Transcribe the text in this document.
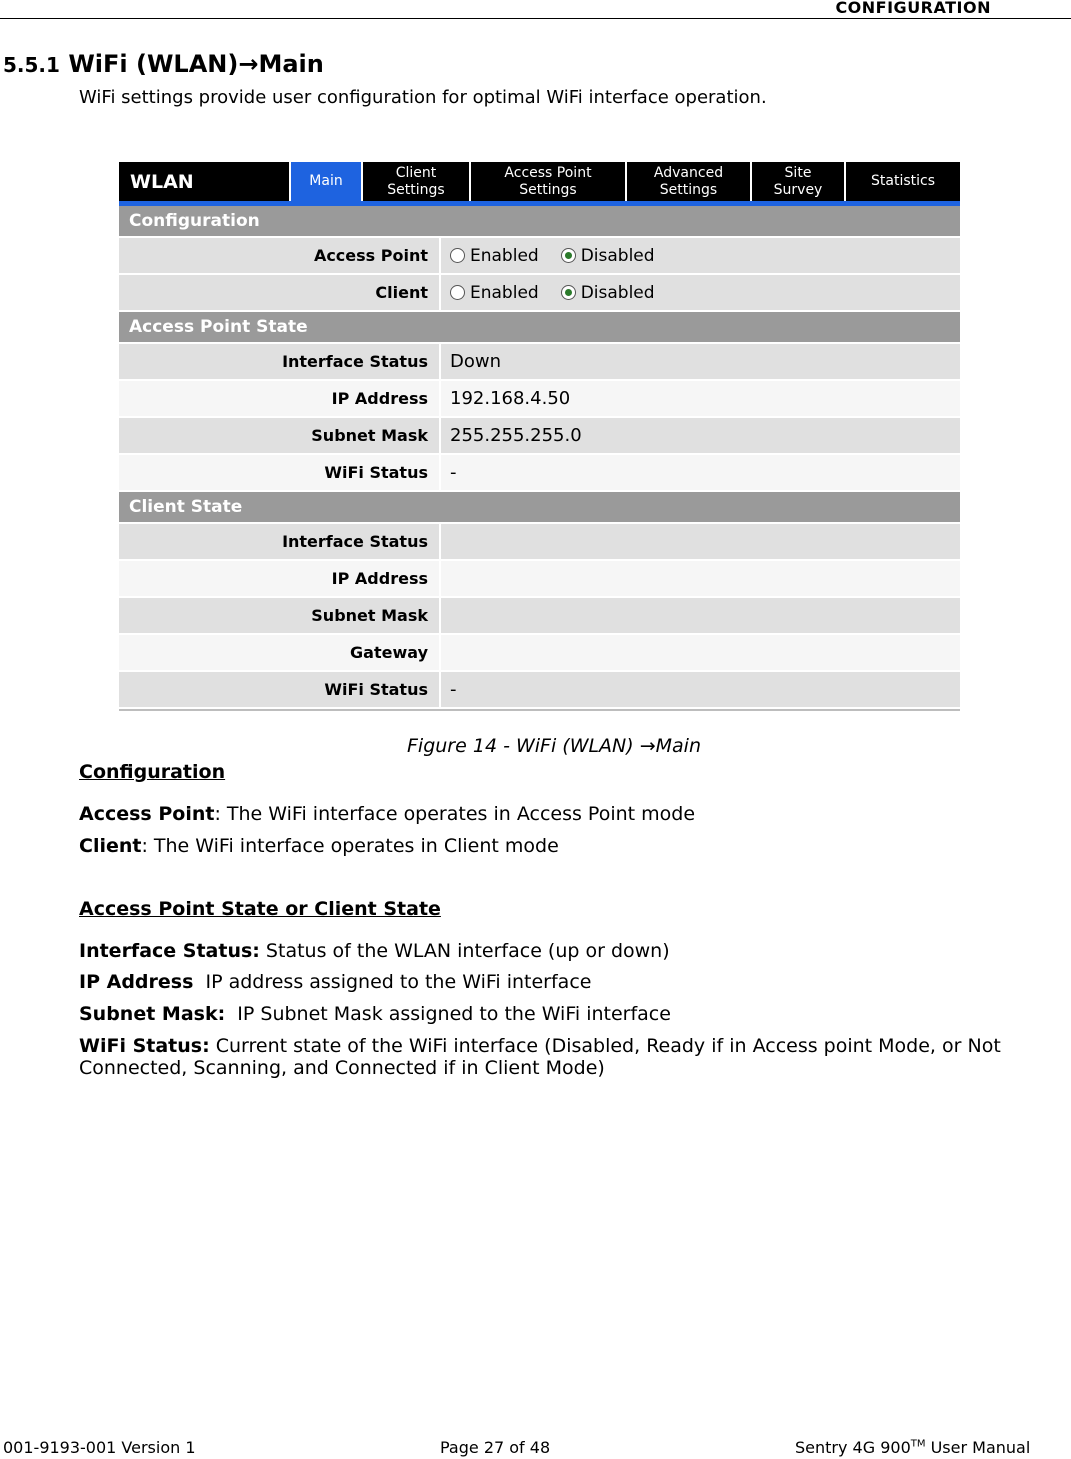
CONFIGURATION
5.5.1 WiFi (WLAN)→Main
WiFi settings provide user configuration for optimal WiFi interface operation.
WLAN	Main
Client
Settings
Access Point
Settings
Advanced
Settings
Site
Survey
Statistics
Configuration
Access Point	Enabled Disabled
Client	Enabled Disabled
Access Point State
Interface Status	Down
IP Address	192.168.4.50
Subnet Mask	255.255.255.0
WiFi Status	-
Client State
Interface Status
IP Address
Subnet Mask
Gateway
WiFi Status	-
Figure 14 - WiFi (WLAN) →Main
Configuration
Access Point: The WiFi interface operates in Access Point mode
Client: The WiFi interface operates in Client mode
Access Point State or Client State
Interface Status: Status of the WLAN interface (up or down)
IP Address  IP address assigned to the WiFi interface
Subnet Mask:  IP Subnet Mask assigned to the WiFi interface
WiFi Status: Current state of the WiFi interface (Disabled, Ready if in Access point Mode, or Not Connected, Scanning, and Connected if in Client Mode)
001-9193-001 Version 1	Page 27 of 48	Sentry 4G 900™ User Manual
